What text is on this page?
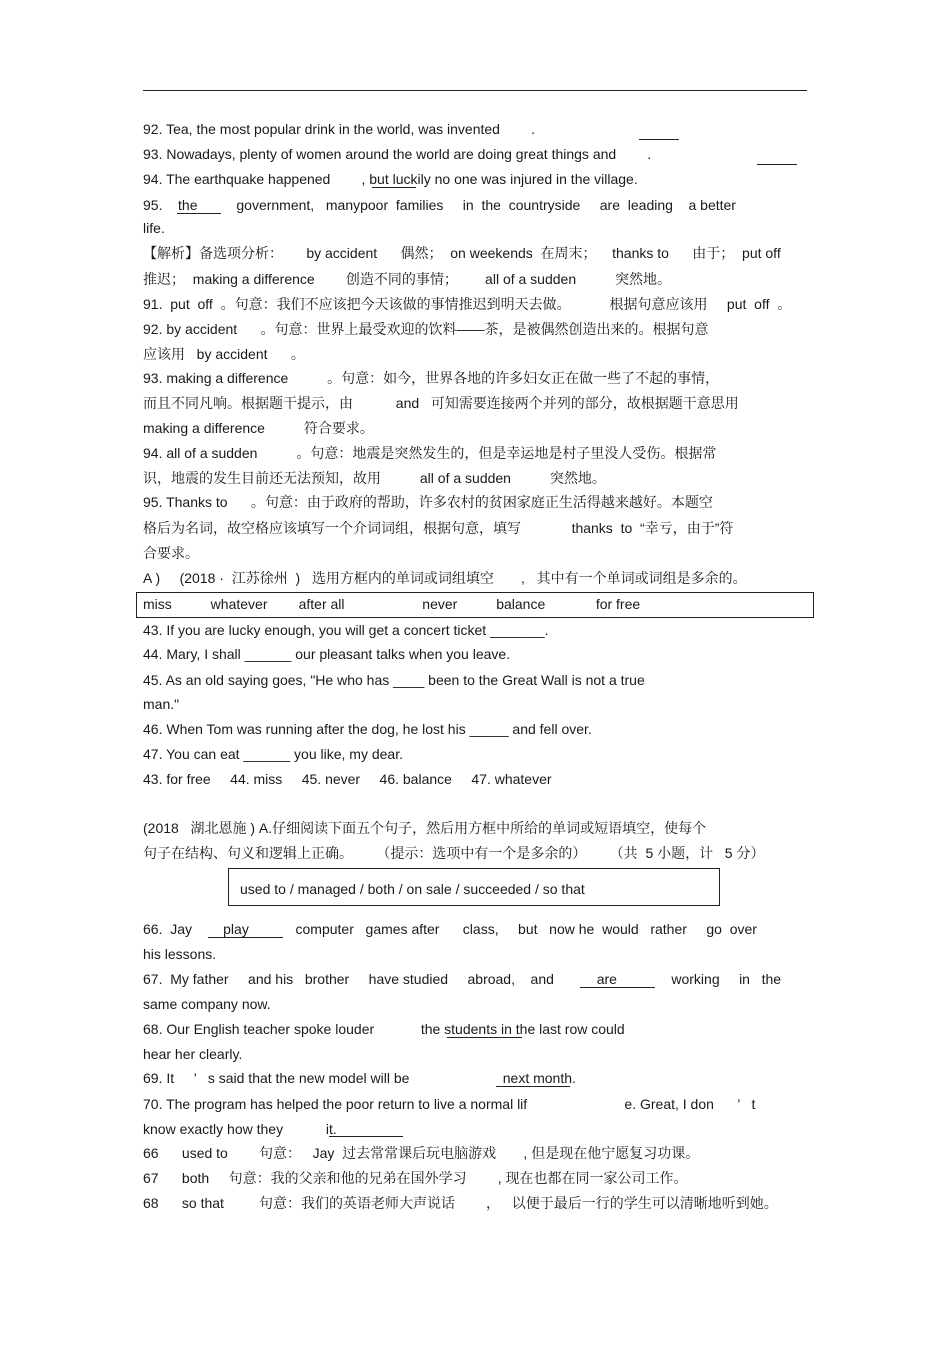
92. Tea, the most popular drink in the world, was invented        .
93. Nowadays, plenty of women around the world are doing great things and        .
94. The earthquake happened        , but luckily no one was injured in the village.
95.    the          government,   manypoor  families     in  the  countryside     are  leading    a better
life.
【解析】备选项分析：      by accident      偶然；  on weekends  在周末；    thanks to      由于；  put off
推迟；  making a difference        创造不同的事情；       all of a sudden          突然地。
91.  put  off  。句意：我们不应该把今天该做的事情推迟到明天去做。          根据句意应该用     put  off  。
92. by accident      。句意：世界上最受欢迎的饮料——茶，是被偶然创造出来的。根据句意
应该用   by accident      。
93. making a difference          。句意：如今，世界各地的许多妇女正在做一些了不起的事情，
而且不同凡响。根据题干提示，由           and   可知需要连接两个并列的部分，故根据题干意思用
making a difference          符合要求。
94. all of a sudden          。句意：地震是突然发生的，但是幸运地是村子里没人受伤。根据常
识，地震的发生目前还无法预知，故用          all of a sudden          突然地。
95. Thanks to      。句意：由于政府的帮助，许多农村的贫困家庭正生活得越来越好。本题空
格后为名词，故空格应该填写一个介词词组，根据句意，填写             thanks  to  “幸亏，由于”符
合要求。
A )     (2018 ·  江苏徐州  )   选用方框内的单词或词组填空       ,   其中有一个单词或词组是多余的。
miss          whatever        after all                    never          balance             for free
43. If you are lucky enough, you will get a concert ticket _______.
44. Mary, I shall ______ our pleasant talks when you leave.
45. As an old saying goes, "He who has ____ been to the Great Wall is not a true
man."
46. When Tom was running after the dog, he lost his _____ and fell over.
47. You can eat ______ you like, my dear.
43. for free     44. miss     45. never     46. balance     47. whatever
(2018   湖北恩施 ) A.仔细阅读下面五个句子，然后用方框中所给的单词或短语填空，使每个
句子在结构、句义和逻辑上正确。      （提示：选项中有一个是多余的）      （共  5 小题，计   5 分）
used to / managed / both / on sale / succeeded / so that
66.  Jay        play            computer   games after      class,     but   now he  would   rather     go  over
his lessons.
67.  My father     and his   brother     have studied     abroad,    and           are              working     in   the
same company now.
68. Our English teacher spoke louder            the students in the last row could
hear her clearly.
69. It     ’   s said that the new model will be                        next month.
70. The program has helped the poor return to live a normal lif                         e. Great, I don      ’   t
know exactly how they           it.
66      used to        句意：   Jay  过去常常课后玩电脑游戏       , 但是现在他宁愿复习功课。
67      both     句意：我的父亲和他的兄弟在国外学习        , 现在也都在同一家公司工作。
68      so that         句意：我们的英语老师大声说话        ，   以便于最后一行的学生可以清晰地听到她。
